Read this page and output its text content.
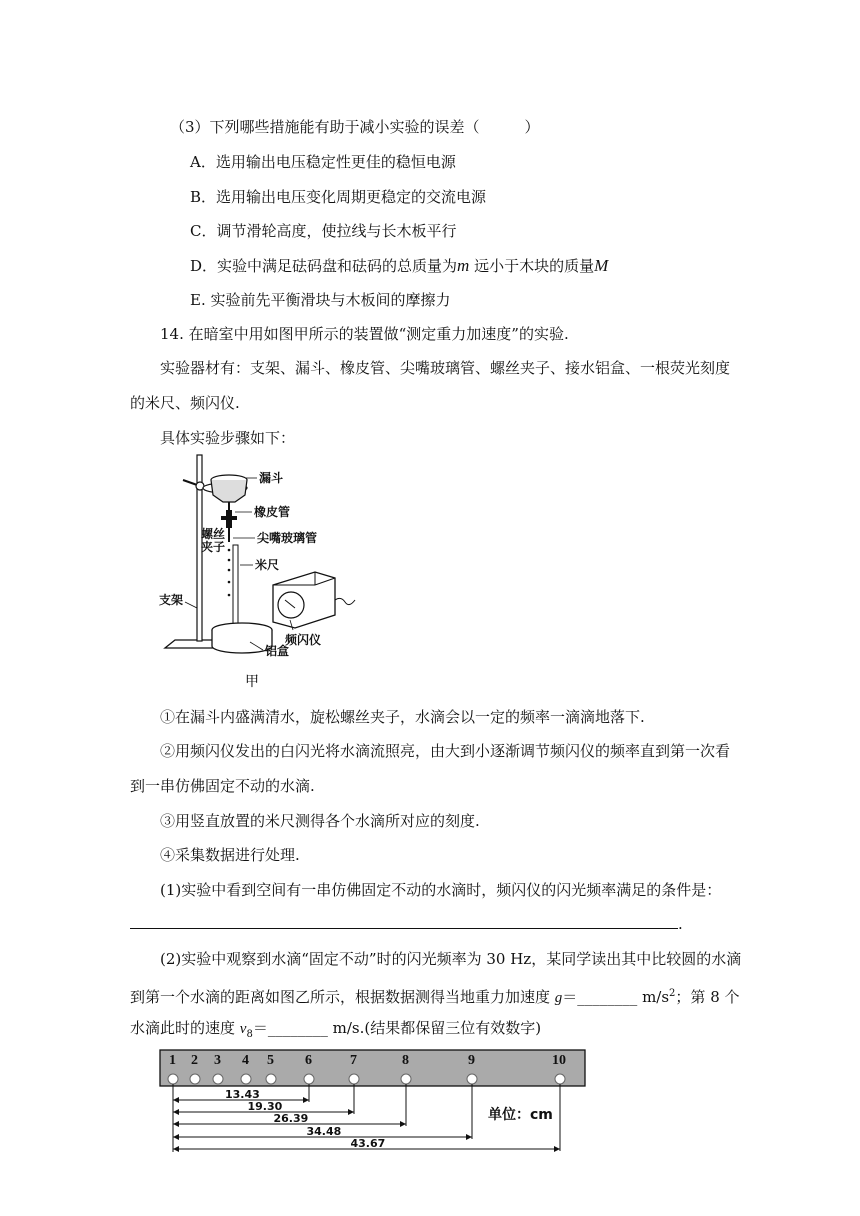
（3）下列哪些措施能有助于减小实验的误差（　　　）
A．选用输出电压稳定性更佳的稳恒电源
B．选用输出电压变化周期更稳定的交流电源
C．调节滑轮高度，使拉线与长木板平行
D．实验中满足砝码盘和砝码的总质量为m 远小于木块的质量M
E. 实验前先平衡滑块与木板间的摩擦力
14. 在暗室中用如图甲所示的装置做“测定重力加速度”的实验.
实验器材有：支架、漏斗、橡皮管、尖嘴玻璃管、螺丝夹子、接水铝盒、一根荧光刻度
的米尺、频闪仪.
具体实验步骤如下：
漏斗
橡皮管
螺丝
夹子
尖嘴玻璃管
米尺
支架
频闪仪
铝盒
甲
①在漏斗内盛满清水，旋松螺丝夹子，水滴会以一定的频率一滴滴地落下.
②用频闪仪发出的白闪光将水滴流照亮，由大到小逐渐调节频闪仪的频率直到第一次看
到一串仿佛固定不动的水滴.
③用竖直放置的米尺测得各个水滴所对应的刻度.
④采集数据进行处理.
(1)实验中看到空间有一串仿佛固定不动的水滴时，频闪仪的闪光频率满足的条件是：
.
(2)实验中观察到水滴“固定不动”时的闪光频率为 30 Hz，某同学读出其中比较圆的水滴
到第一个水滴的距离如图乙所示，根据数据测得当地重力加速度 g＝________ $m/s^2$；第 8 个
水滴此时的速度 $v_8=\_\_\_\_\_\_\_\_$ m/s.(结果都保留三位有效数字)
1 2 3 4 5 6	7	8	9	10
13.43
19.30
26.39
34.48
43.67
单位：cm
